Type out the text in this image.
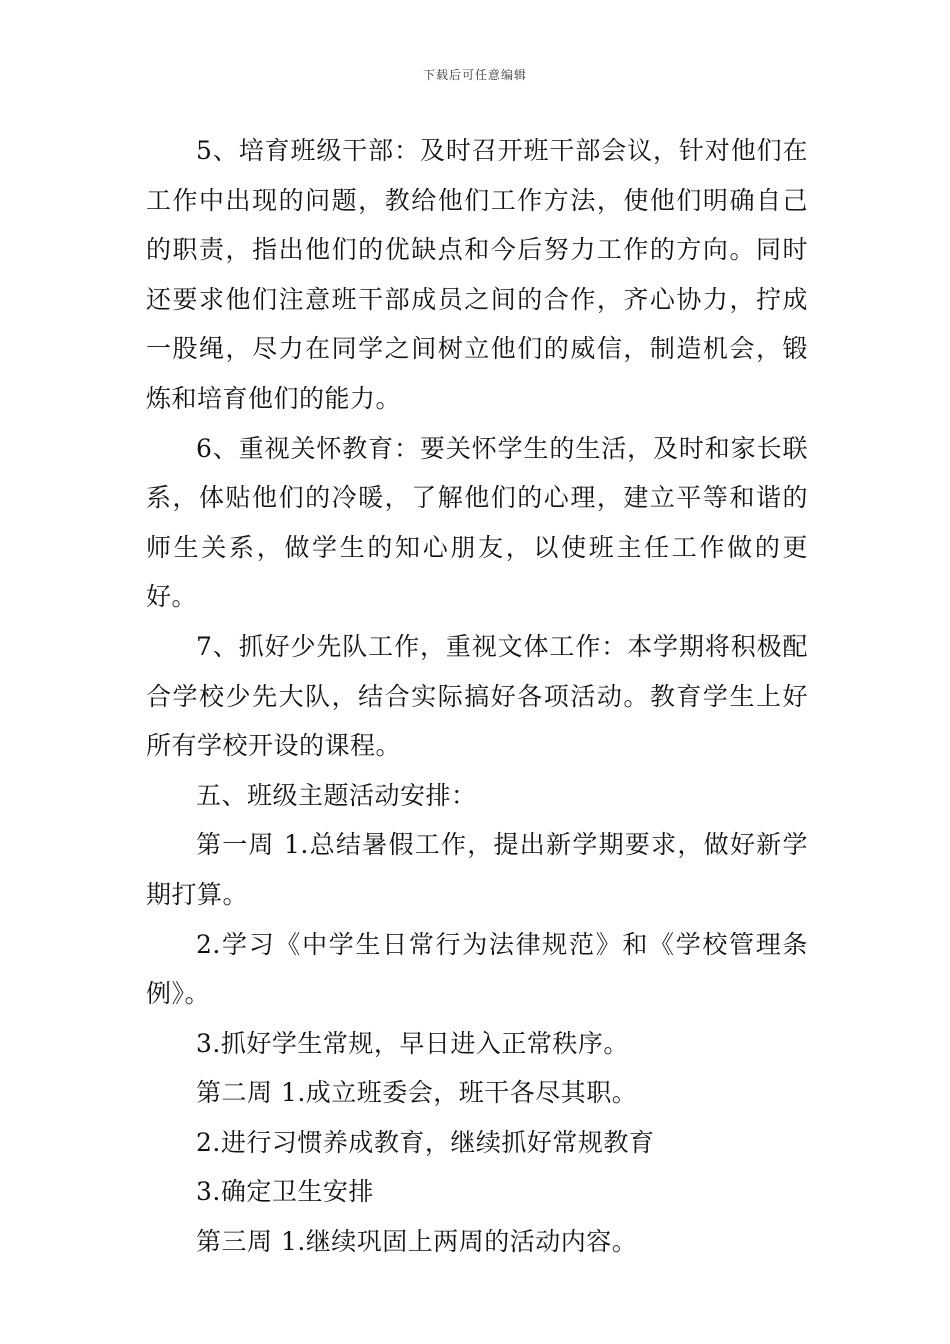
下载后可任意编辑

5、培育班级干部：及时召开班干部会议，针对他们在工作中出现的问题，教给他们工作方法，使他们明确自己的职责，指出他们的优缺点和今后努力工作的方向。同时还要求他们注意班干部成员之间的合作，齐心协力，拧成一股绳，尽力在同学之间树立他们的威信，制造机会，锻炼和培育他们的能力。

6、重视关怀教育：要关怀学生的生活，及时和家长联系，体贴他们的冷暖，了解他们的心理，建立平等和谐的师生关系，做学生的知心朋友，以使班主任工作做的更好。

7、抓好少先队工作，重视文体工作：本学期将积极配合学校少先大队，结合实际搞好各项活动。教育学生上好所有学校开设的课程。

五、班级主题活动安排：

第一周 1.总结暑假工作，提出新学期要求，做好新学期打算。

2.学习《中学生日常行为法律规范》和《学校管理条例》。

3.抓好学生常规，早日进入正常秩序。

第二周 1.成立班委会，班干各尽其职。

2.进行习惯养成教育，继续抓好常规教育

3.确定卫生安排

第三周 1.继续巩固上两周的活动内容。
